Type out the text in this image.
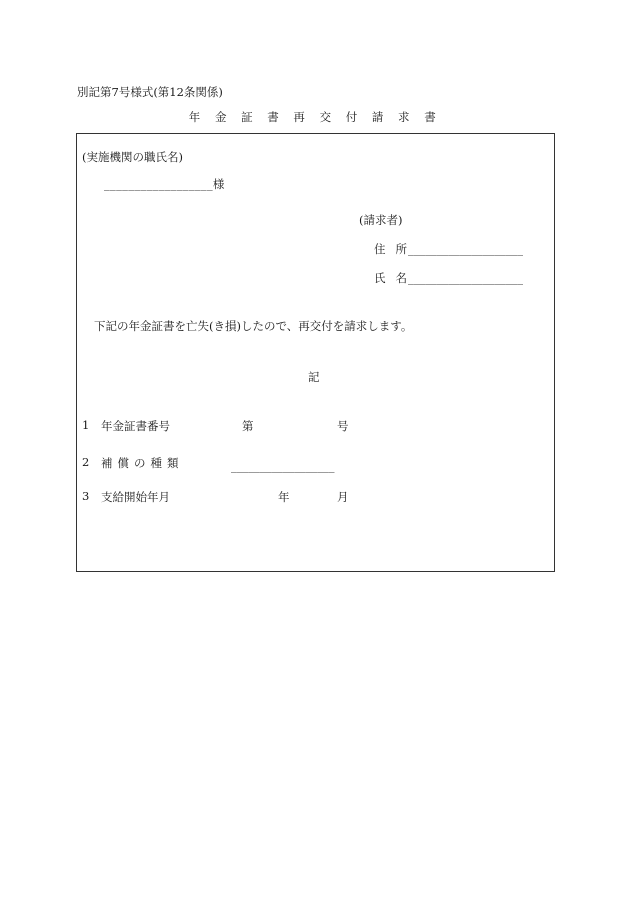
別記第7号様式(第12条関係)
年 金 証 書 再 交 付 請 求 書
(実施機関の職氏名)
__________________様
(請求者)
住 所____________________
氏 名____________________
下記の年金証書を亡失(き損)したので、再交付を請求します。
記
1 年金証書番号	第	号
2 補償の種類	__________________
3 支給開始年月	年	月
